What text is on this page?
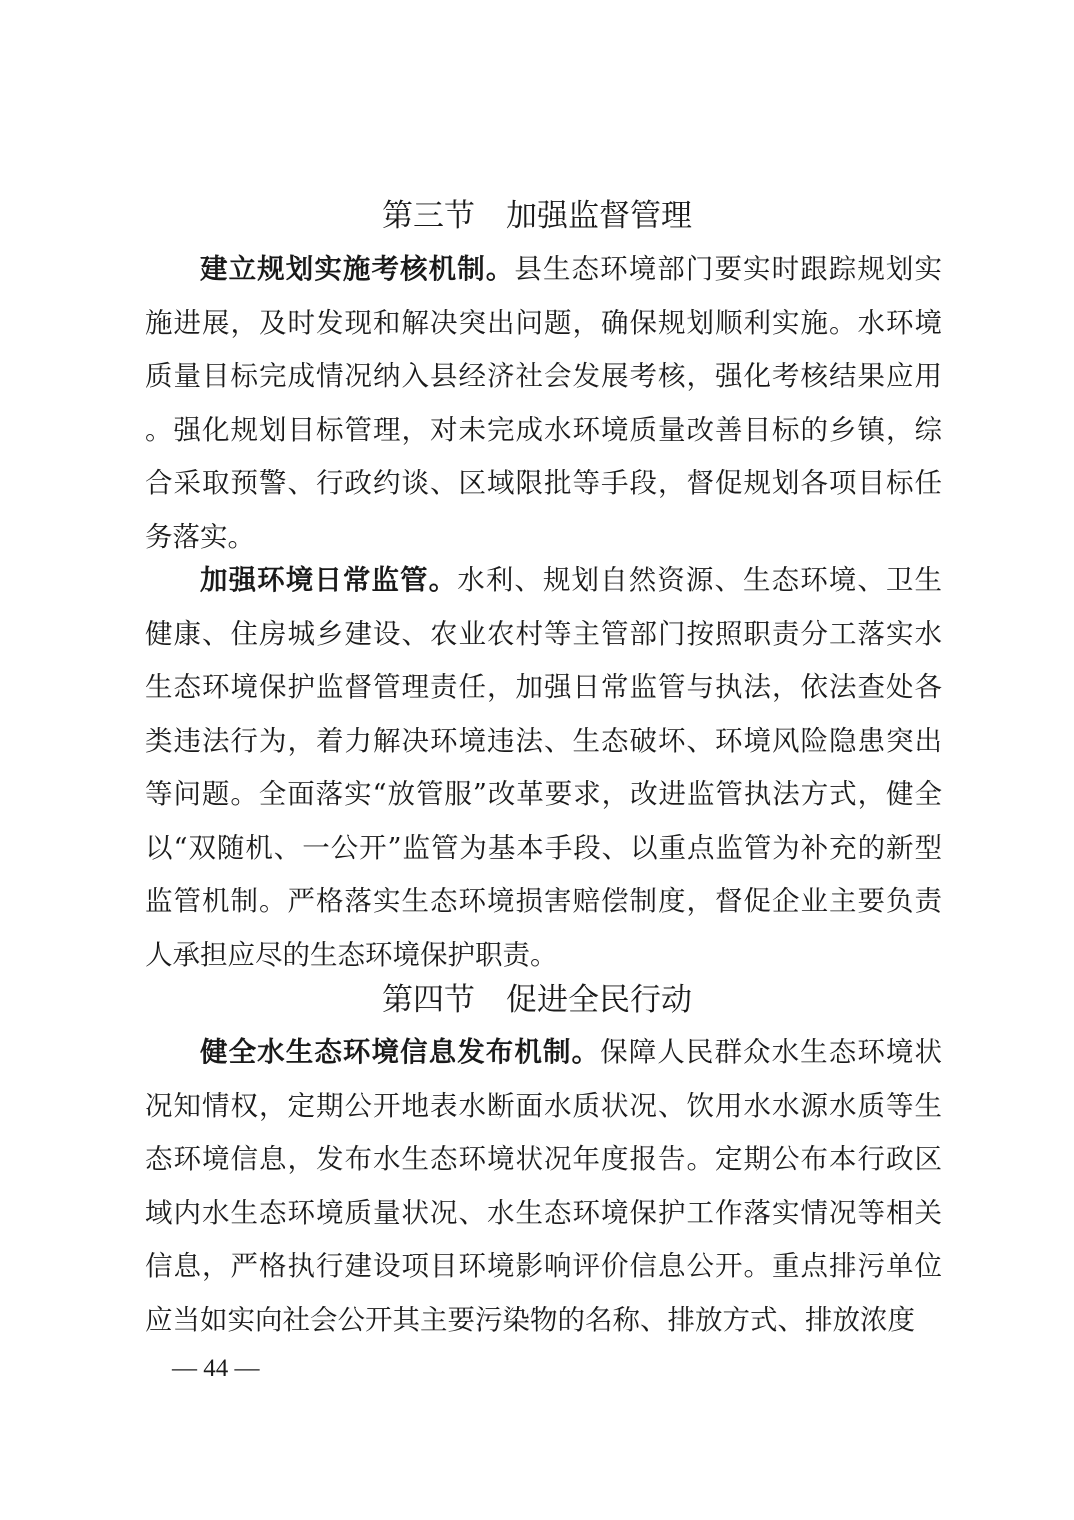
第三节　加强监督管理

建立规划实施考核机制。县生态环境部门要实时跟踪规划实施进展，及时发现和解决突出问题，确保规划顺利实施。水环境质量目标完成情况纳入县经济社会发展考核，强化考核结果应用。强化规划目标管理，对未完成水环境质量改善目标的乡镇，综合采取预警、行政约谈、区域限批等手段，督促规划各项目标任务落实。

加强环境日常监管。水利、规划自然资源、生态环境、卫生健康、住房城乡建设、农业农村等主管部门按照职责分工落实水生态环境保护监督管理责任，加强日常监管与执法，依法查处各类违法行为，着力解决环境违法、生态破坏、环境风险隐患突出等问题。全面落实“放管服”改革要求，改进监管执法方式，健全以“双随机、一公开”监管为基本手段、以重点监管为补充的新型监管机制。严格落实生态环境损害赔偿制度，督促企业主要负责人承担应尽的生态环境保护职责。

第四节　促进全民行动

健全水生态环境信息发布机制。保障人民群众水生态环境状况知情权，定期公开地表水断面水质状况、饮用水水源水质等生态环境信息，发布水生态环境状况年度报告。定期公布本行政区域内水生态环境质量状况、水生态环境保护工作落实情况等相关信息，严格执行建设项目环境影响评价信息公开。重点排污单位应当如实向社会公开其主要污染物的名称、排放方式、排放浓度

— 44 —
